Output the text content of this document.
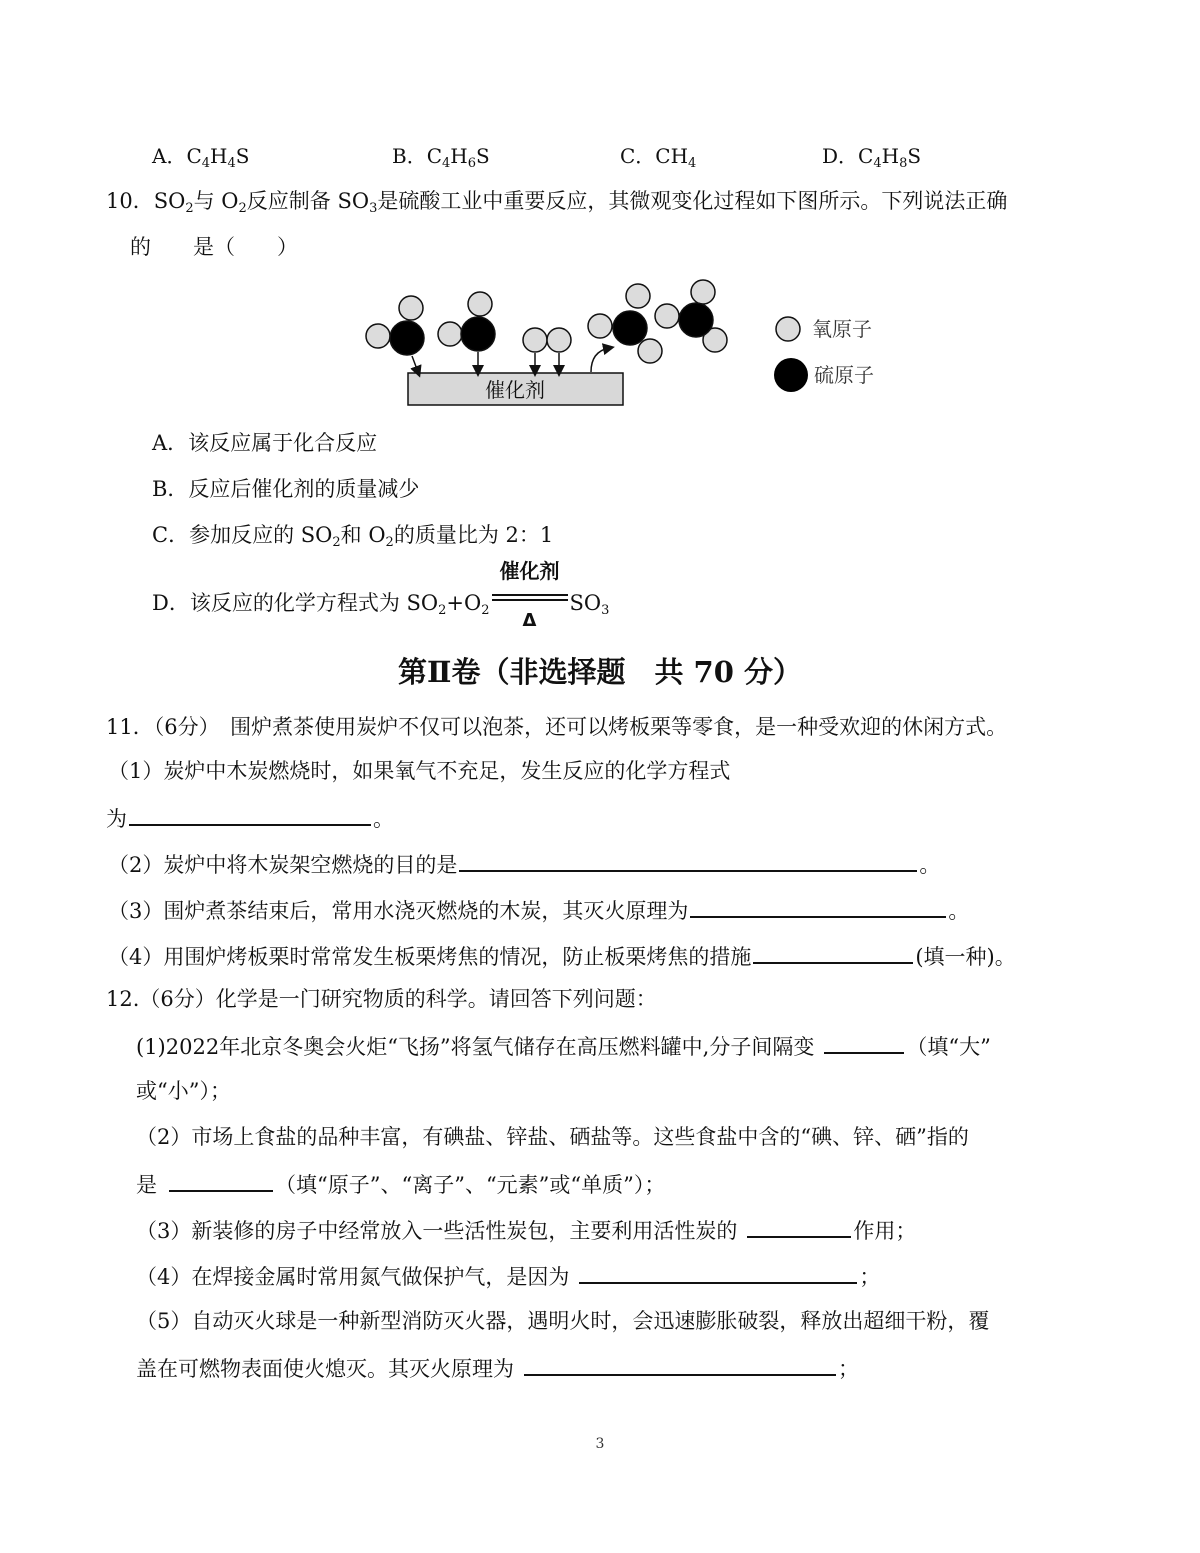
A．$C_4H_4S$	B．$C_4H_6S$	C．$CH_4$	D．$C_4H_8S$
10．$SO_2$与 $O_2$反应制备 $SO_3$是硫酸工业中重要反应，其微观变化过程如下图所示。下列说法正确
的　　是（　　）
催化剂
氧原子
硫原子
A．该反应属于化合反应
B．反应后催化剂的质量减少
C．参加反应的 $SO_2$和 $O_2$的质量比为 2：1
D．该反应的化学方程式为 $SO_2+O_2$
催化剂
Δ
$SO_3$
第Ⅱ卷（非选择题　共 70 分）
11．（6分）　围炉煮茶使用炭炉不仅可以泡茶，还可以烤板栗等零食，是一种受欢迎的休闲方式。
（1）炭炉中木炭燃烧时，如果氧气不充足，发生反应的化学方程式
为	。
（2）炭炉中将木炭架空燃烧的目的是	。
（3）围炉煮茶结束后，常用水浇灭燃烧的木炭，其灭火原理为	。
（4）用围炉烤板栗时常常发生板栗烤焦的情况，防止板栗烤焦的措施	(填一种)。
12.（6分）化学是一门研究物质的科学。请回答下列问题：
(1)2022年北京冬奥会火炬“飞扬”将氢气储存在高压燃料罐中,分子间隔变	（填“大”
或“小”）；
（2）市场上食盐的品种丰富，有碘盐、锌盐、硒盐等。这些食盐中含的“碘、锌、硒”指的
是	（填“原子”、“离子”、“元素”或“单质”）；
（3）新装修的房子中经常放入一些活性炭包，主要利用活性炭的	作用；
（4）在焊接金属时常用氮气做保护气，是因为	；
（5）自动灭火球是一种新型消防灭火器，遇明火时，会迅速膨胀破裂，释放出超细干粉，覆
盖在可燃物表面使火熄灭。其灭火原理为	；
3
